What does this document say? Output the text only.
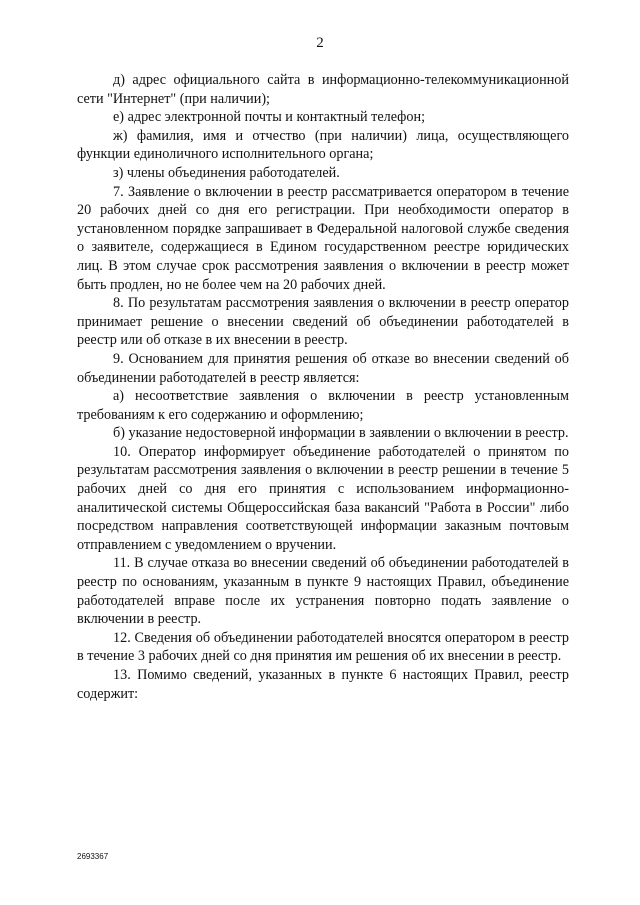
2

д) адрес официального сайта в информационно-телекоммуникационной сети "Интернет" (при наличии);

е) адрес электронной почты и контактный телефон;

ж) фамилия, имя и отчество (при наличии) лица, осуществляющего функции единоличного исполнительного органа;

з) члены объединения работодателей.

7. Заявление о включении в реестр рассматривается оператором в течение 20 рабочих дней со дня его регистрации. При необходимости оператор в установленном порядке запрашивает в Федеральной налоговой службе сведения о заявителе, содержащиеся в Едином государственном реестре юридических лиц. В этом случае срок рассмотрения заявления о включении в реестр может быть продлен, но не более чем на 20 рабочих дней.

8. По результатам рассмотрения заявления о включении в реестр оператор принимает решение о внесении сведений об объединении работодателей в реестр или об отказе в их внесении в реестр.

9. Основанием для принятия решения об отказе во внесении сведений об объединении работодателей в реестр является:

а) несоответствие заявления о включении в реестр установленным требованиям к его содержанию и оформлению;

б) указание недостоверной информации в заявлении о включении в реестр.

10. Оператор информирует объединение работодателей о принятом по результатам рассмотрения заявления о включении в реестр решении в течение 5 рабочих дней со дня его принятия с использованием информационно-аналитической системы Общероссийская база вакансий "Работа в России" либо посредством направления соответствующей информации заказным почтовым отправлением с уведомлением о вручении.

11. В случае отказа во внесении сведений об объединении работодателей в реестр по основаниям, указанным в пункте 9 настоящих Правил, объединение работодателей вправе после их устранения повторно подать заявление о включении в реестр.

12. Сведения об объединении работодателей вносятся оператором в реестр в течение 3 рабочих дней со дня принятия им решения об их внесении в реестр.

13. Помимо сведений, указанных в пункте 6 настоящих Правил, реестр содержит:

2693367
